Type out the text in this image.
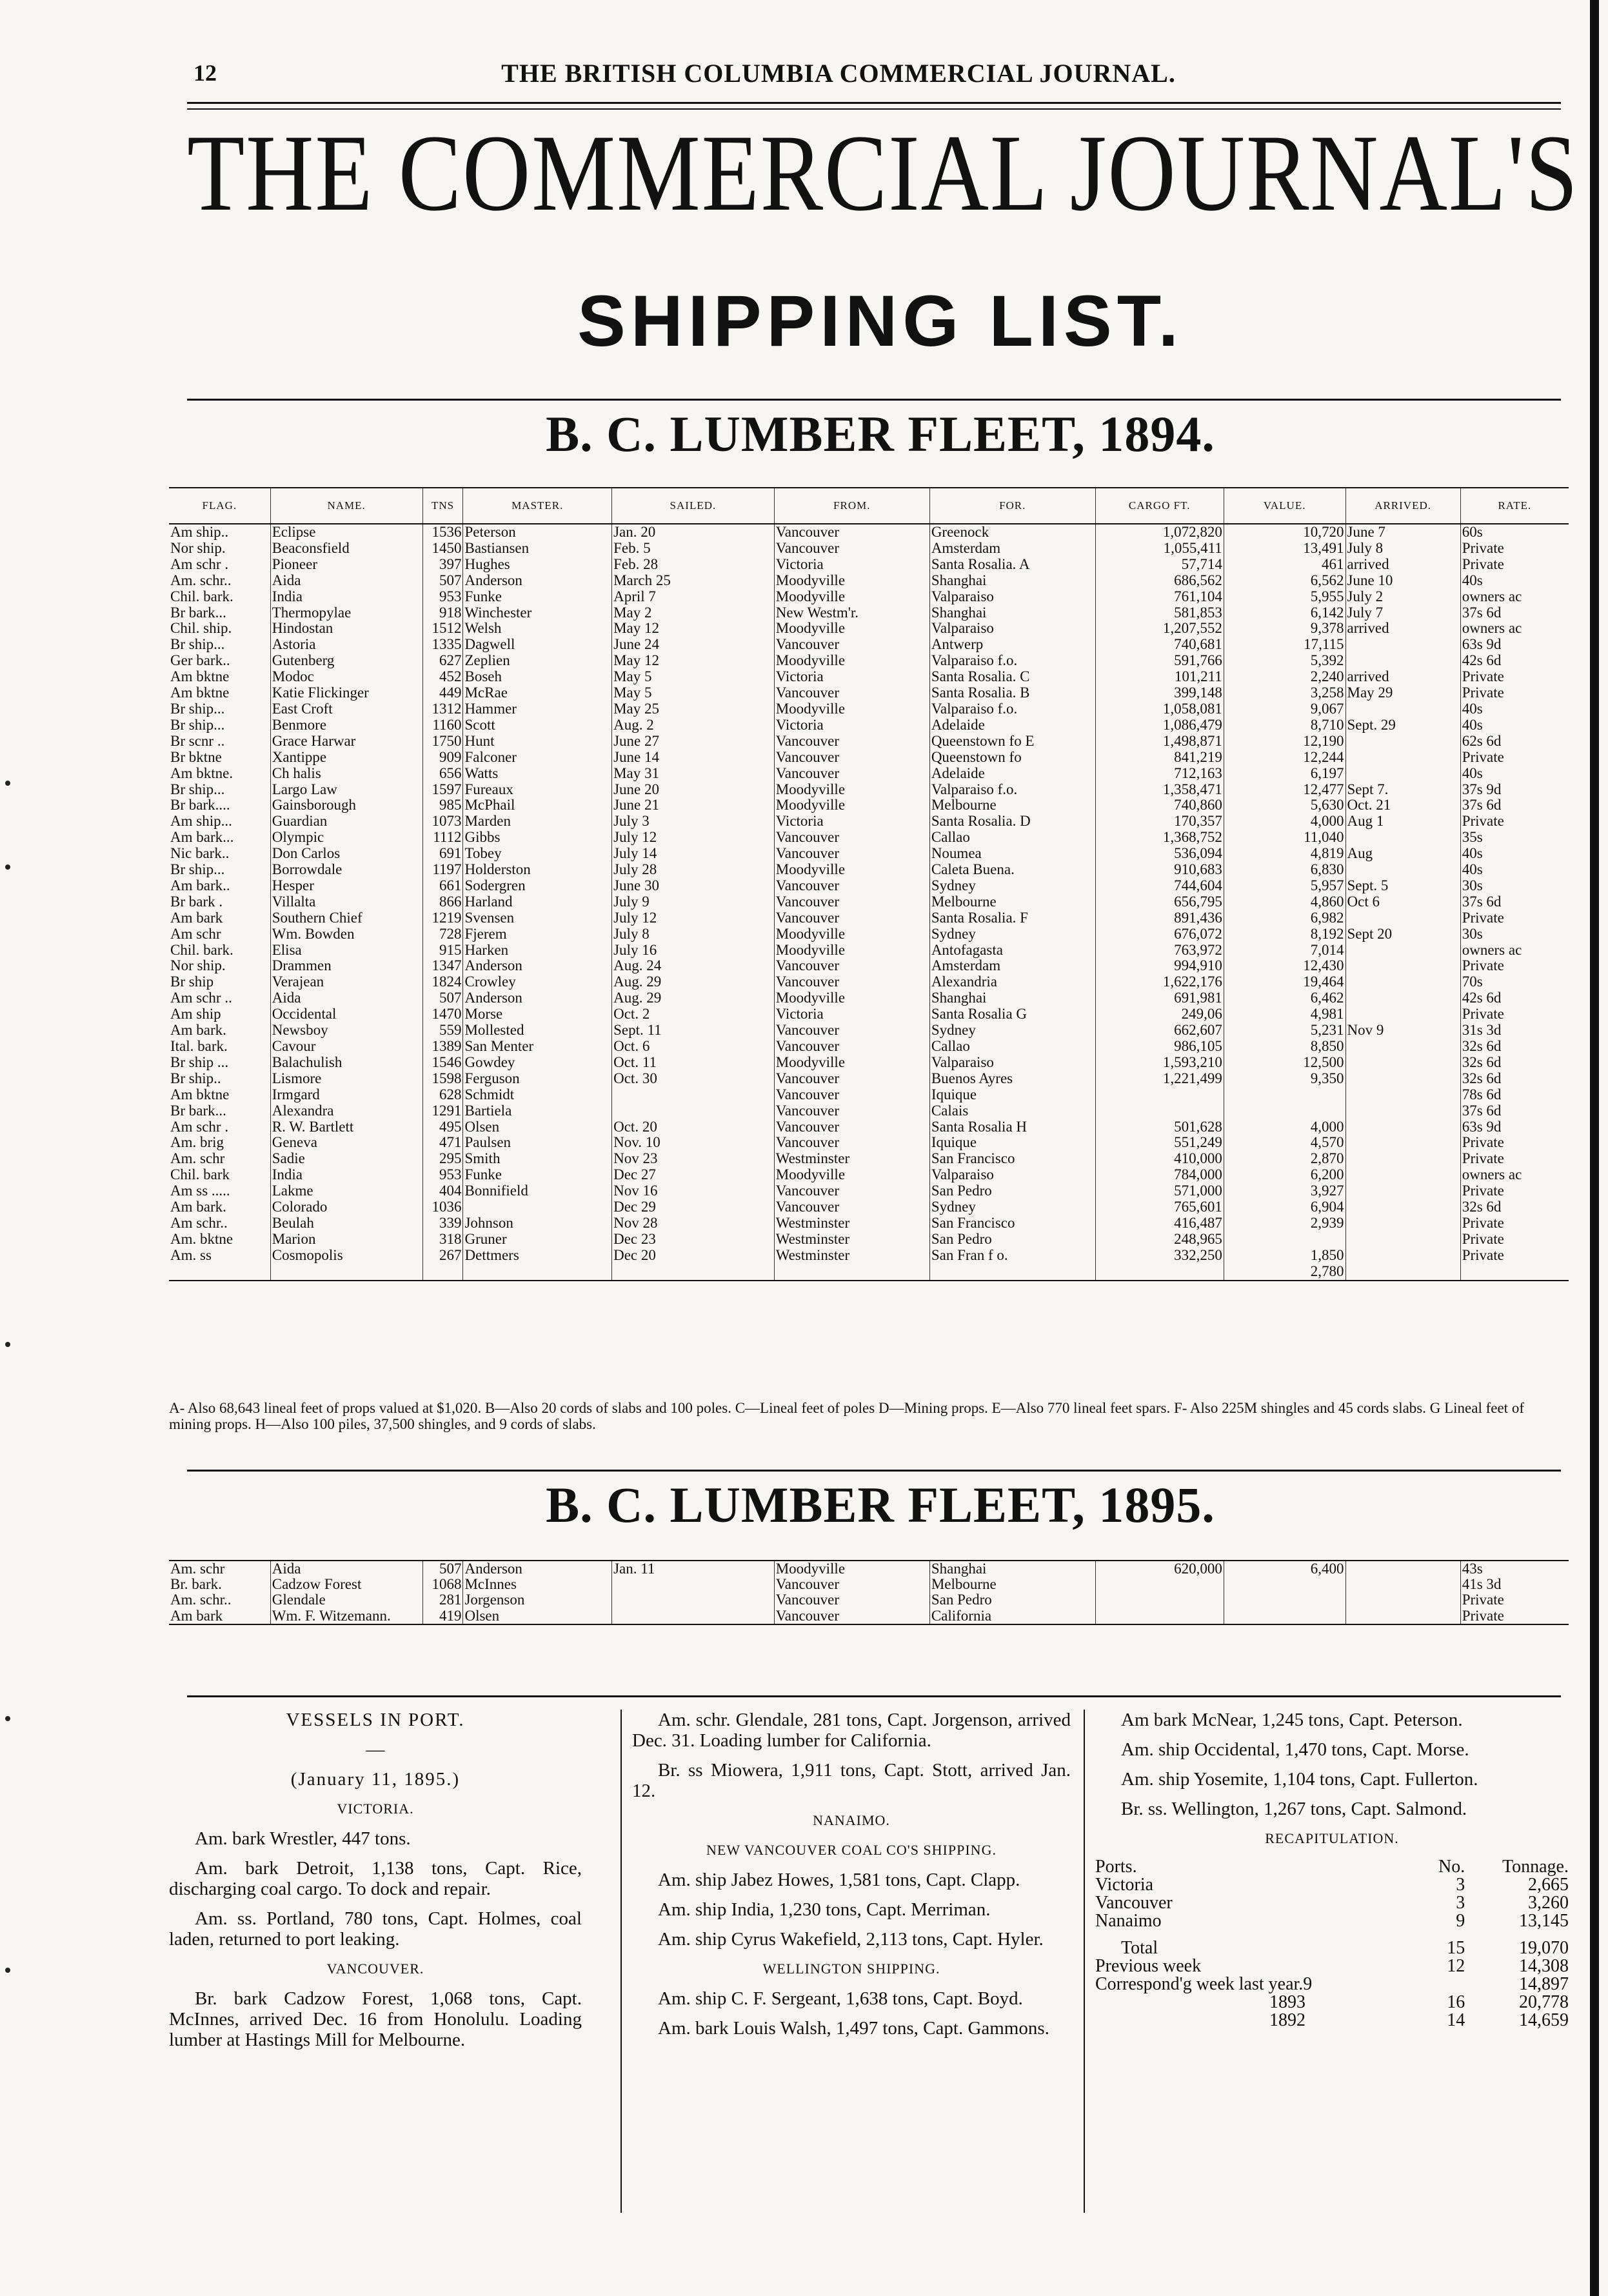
12	THE BRITISH COLUMBIA COMMERCIAL JOURNAL.
THE COMMERCIAL JOURNAL'S
SHIPPING LIST.
B. C. LUMBER FLEET, 1894.
FLAG.	NAME.	TNS	MASTER.	SAILED.	FROM.	FOR.	CARGO FT.	VALUE.	ARRIVED.	RATE.
Am ship..	Eclipse	1536	Peterson	Jan. 20	Vancouver	Greenock	1,072,820	10,720	June 7	60s
Nor ship.	Beaconsfield	1450	Bastiansen	Feb. 5	Vancouver	Amsterdam	1,055,411	13,491	July 8	Private
Am schr .	Pioneer	397	Hughes	Feb. 28	Victoria	Santa Rosalia. A	57,714	461	arrived	Private
Am. schr..	Aida	507	Anderson	March 25	Moodyville	Shanghai	686,562	6,562	June 10	40s
Chil. bark.	India	953	Funke	April 7	Moodyville	Valparaiso	761,104	5,955	July 2	owners ac
Br bark...	Thermopylae	918	Winchester	May 2	New Westm'r.	Shanghai	581,853	6,142	July 7	37s 6d
Chil. ship.	Hindostan	1512	Welsh	May 12	Moodyville	Valparaiso	1,207,552	9,378	arrived	owners ac
Br ship...	Astoria	1335	Dagwell	June 24	Vancouver	Antwerp	740,681	17,115		63s 9d
Ger bark..	Gutenberg	627	Zeplien	May 12	Moodyville	Valparaiso f.o.	591,766	5,392		42s 6d
Am bktne	Modoc	452	Boseh	May 5	Victoria	Santa Rosalia. C	101,211	2,240	arrived	Private
Am bktne	Katie Flickinger	449	McRae	May 5	Vancouver	Santa Rosalia. B	399,148	3,258	May 29	Private
Br ship...	East Croft	1312	Hammer	May 25	Moodyville	Valparaiso f.o.	1,058,081	9,067		40s
Br ship...	Benmore	1160	Scott	Aug. 2	Victoria	Adelaide	1,086,479	8,710	Sept. 29	40s
Br scnr ..	Grace Harwar	1750	Hunt	June 27	Vancouver	Queenstown fo E	1,498,871	12,190		62s 6d
Br bktne	Xantippe	909	Falconer	June 14	Vancouver	Queenstown fo	841,219	12,244		Private
Am bktne.	Ch halis	656	Watts	May 31	Vancouver	Adelaide	712,163	6,197		40s
Br ship...	Largo Law	1597	Fureaux	June 20	Moodyville	Valparaiso f.o.	1,358,471	12,477	Sept 7.	37s 9d
Br bark....	Gainsborough	985	McPhail	June 21	Moodyville	Melbourne	740,860	5,630	Oct. 21	37s 6d
Am ship...	Guardian	1073	Marden	July 3	Victoria	Santa Rosalia. D	170,357	4,000	Aug 1	Private
Am bark...	Olympic	1112	Gibbs	July 12	Vancouver	Callao	1,368,752	11,040		35s
Nic bark..	Don Carlos	691	Tobey	July 14	Vancouver	Noumea	536,094	4,819	Aug	40s
Br ship...	Borrowdale	1197	Holderston	July 28	Moodyville	Caleta Buena.	910,683	6,830		40s
Am bark..	Hesper	661	Sodergren	June 30	Vancouver	Sydney	744,604	5,957	Sept. 5	30s
Br bark .	Villalta	866	Harland	July 9	Vancouver	Melbourne	656,795	4,860	Oct 6	37s 6d
Am bark	Southern Chief	1219	Svensen	July 12	Vancouver	Santa Rosalia. F	891,436	6,982		Private
Am schr	Wm. Bowden	728	Fjerem	July 8	Moodyville	Sydney	676,072	8,192	Sept 20	30s
Chil. bark.	Elisa	915	Harken	July 16	Moodyville	Antofagasta	763,972	7,014		owners ac
Nor ship.	Drammen	1347	Anderson	Aug. 24	Vancouver	Amsterdam	994,910	12,430		Private
Br ship	Verajean	1824	Crowley	Aug. 29	Vancouver	Alexandria	1,622,176	19,464		70s
Am schr ..	Aida	507	Anderson	Aug. 29	Moodyville	Shanghai	691,981	6,462		42s 6d
Am ship	Occidental	1470	Morse	Oct. 2	Victoria	Santa Rosalia G	249,06	4,981		Private
Am bark.	Newsboy	559	Mollested	Sept. 11	Vancouver	Sydney	662,607	5,231	Nov 9	31s 3d
Ital. bark.	Cavour	1389	San Menter	Oct. 6	Vancouver	Callao	986,105	8,850		32s 6d
Br ship ...	Balachulish	1546	Gowdey	Oct. 11	Moodyville	Valparaiso	1,593,210	12,500		32s 6d
Br ship..	Lismore	1598	Ferguson	Oct. 30	Vancouver	Buenos Ayres	1,221,499	9,350		32s 6d
Am bktne	Irmgard	628	Schmidt		Vancouver	Iquique				78s 6d
Br bark...	Alexandra	1291	Bartiela		Vancouver	Calais				37s 6d
Am schr .	R. W. Bartlett	495	Olsen	Oct. 20	Vancouver	Santa Rosalia H	501,628	4,000		63s 9d
Am. brig	Geneva	471	Paulsen	Nov. 10	Vancouver	Iquique	551,249	4,570		Private
Am. schr	Sadie	295	Smith	Nov 23	Westminster	San Francisco	410,000	2,870		Private
Chil. bark	India	953	Funke	Dec 27	Moodyville	Valparaiso	784,000	6,200		owners ac
Am ss .....	Lakme	404	Bonnifield	Nov 16	Vancouver	San Pedro	571,000	3,927		Private
Am bark.	Colorado	1036		Dec 29	Vancouver	Sydney	765,601	6,904		32s 6d
Am schr..	Beulah	339	Johnson	Nov 28	Westminster	San Francisco	416,487	2,939		Private
Am. bktne	Marion	318	Gruner	Dec 23	Westminster	San Pedro	248,965			Private
Am. ss	Cosmopolis	267	Dettmers	Dec 20	Westminster	San Fran f o.	332,250	1,850		Private
								2,780		
A- Also 68,643 lineal feet of props valued at $1,020. B—Also 20 cords of slabs and 100 poles. C—Lineal feet of poles D—Mining props. E—Also 770 lineal feet spars. F- Also 225M shingles and 45 cords slabs. G Lineal feet of mining props. H—Also 100 piles, 37,500 shingles, and 9 cords of slabs.
B. C. LUMBER FLEET, 1895.
Am. schr	Aida	507	Anderson	Jan. 11	Moodyville	Shanghai	620,000	6,400		43s
Br. bark.	Cadzow Forest	1068	McInnes		Vancouver	Melbourne				41s 3d
Am. schr..	Glendale	281	Jorgenson		Vancouver	San Pedro				Private
Am bark	Wm. F. Witzemann.	419	Olsen		Vancouver	California				Private

VESSELS IN PORT.

—

(January 11, 1895.)

VICTORIA.

Am. bark Wrestler, 447 tons.

Am. bark Detroit, 1,138 tons, Capt. Rice, discharging coal cargo. To dock and repair.

Am. ss. Portland, 780 tons, Capt. Holmes, coal laden, returned to port leaking.

VANCOUVER.

Br. bark Cadzow Forest, 1,068 tons, Capt. McInnes, arrived Dec. 16 from Honolulu. Loading lumber at Hastings Mill for Melbourne.

Am. schr. Glendale, 281 tons, Capt. Jorgenson, arrived Dec. 31. Loading lumber for California.

Br. ss Miowera, 1,911 tons, Capt. Stott, arrived Jan. 12.

NANAIMO.

NEW VANCOUVER COAL CO'S SHIPPING.

Am. ship Jabez Howes, 1,581 tons, Capt. Clapp.

Am. ship India, 1,230 tons, Capt. Merriman.

Am. ship Cyrus Wakefield, 2,113 tons, Capt. Hyler.

WELLINGTON SHIPPING.

Am. ship C. F. Sergeant, 1,638 tons, Capt. Boyd.

Am. bark Louis Walsh, 1,497 tons, Capt. Gammons.

Am bark McNear, 1,245 tons, Capt. Peterson.

Am. ship Occidental, 1,470 tons, Capt. Morse.

Am. ship Yosemite, 1,104 tons, Capt. Fullerton.

Br. ss. Wellington, 1,267 tons, Capt. Salmond.

RECAPITULATION.

Ports.	No.	Tonnage.
Victoria	3	2,665
Vancouver	3	3,260
Nanaimo	9	13,145

Total	15	19,070
Previous week	12	14,308
Correspond'g week last year.9		14,897
1893	16	20,778
1892	14	14,659
